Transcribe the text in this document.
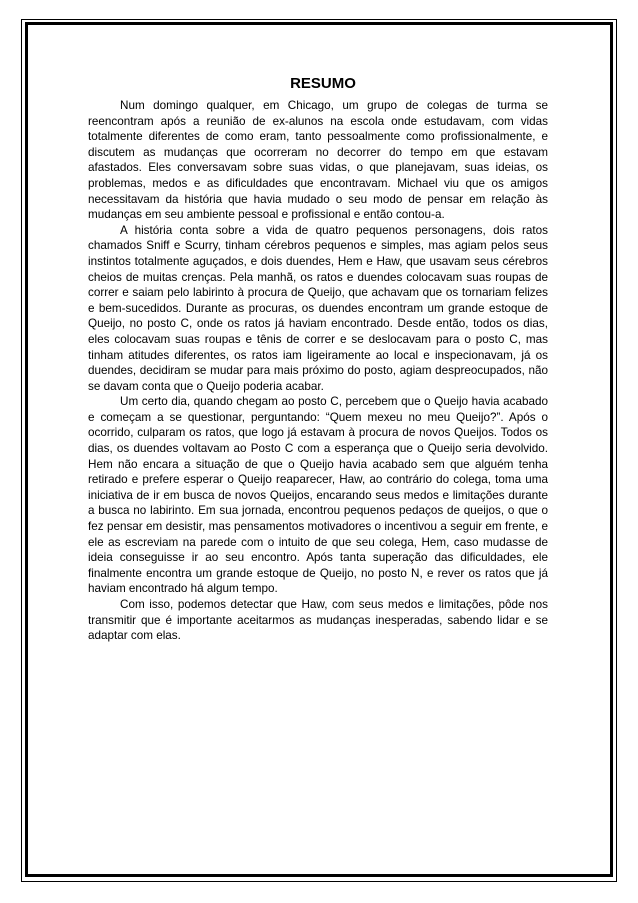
RESUMO

Num domingo qualquer, em Chicago, um grupo de colegas de turma se reencontram após a reunião de ex-alunos na escola onde estudavam, com vidas totalmente diferentes de como eram, tanto pessoalmente como profissionalmente, e discutem as mudanças que ocorreram no decorrer do tempo em que estavam afastados. Eles conversavam sobre suas vidas, o que planejavam, suas ideias, os problemas, medos e as dificuldades que encontravam. Michael viu que os amigos necessitavam da história que havia mudado o seu modo de pensar em relação às mudanças em seu ambiente pessoal e profissional e então contou-a.

A história conta sobre a vida de quatro pequenos personagens, dois ratos chamados Sniff e Scurry, tinham cérebros pequenos e simples, mas agiam pelos seus instintos totalmente aguçados, e dois duendes, Hem e Haw, que usavam seus cérebros cheios de muitas crenças. Pela manhã, os ratos e duendes colocavam suas roupas de correr e saiam pelo labirinto à procura de Queijo, que achavam que os tornariam felizes e bem-sucedidos. Durante as procuras, os duendes encontram um grande estoque de Queijo, no posto C, onde os ratos já haviam encontrado. Desde então, todos os dias, eles colocavam suas roupas e tênis de correr e se deslocavam para o posto C, mas tinham atitudes diferentes, os ratos iam ligeiramente ao local e inspecionavam, já os duendes, decidiram se mudar para mais próximo do posto, agiam despreocupados, não se davam conta que o Queijo poderia acabar.

Um certo dia, quando chegam ao posto C, percebem que o Queijo havia acabado e começam a se questionar, perguntando: “Quem mexeu no meu Queijo?”. Após o ocorrido, culparam os ratos, que logo já estavam à procura de novos Queijos. Todos os dias, os duendes voltavam ao Posto C com a esperança que o Queijo seria devolvido. Hem não encara a situação de que o Queijo havia acabado sem que alguém tenha retirado e prefere esperar o Queijo reaparecer, Haw, ao contrário do colega, toma uma iniciativa de ir em busca de novos Queijos, encarando seus medos e limitações durante a busca no labirinto. Em sua jornada, encontrou pequenos pedaços de queijos, o que o fez pensar em desistir, mas pensamentos motivadores o incentivou a seguir em frente, e ele as escreviam na parede com o intuito de que seu colega, Hem, caso mudasse de ideia conseguisse ir ao seu encontro. Após tanta superação das dificuldades, ele finalmente encontra um grande estoque de Queijo, no posto N, e rever os ratos que já haviam encontrado há algum tempo.

Com isso, podemos detectar que Haw, com seus medos e limitações, pôde nos transmitir que é importante aceitarmos as mudanças inesperadas, sabendo lidar e se adaptar com elas.
